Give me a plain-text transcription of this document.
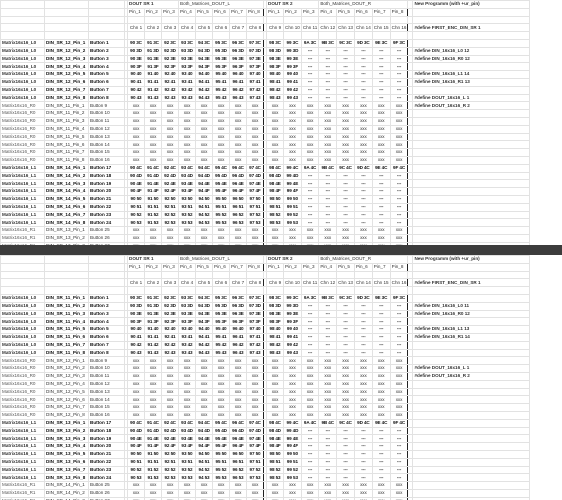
				DOUT SR 1			Both_Matrices_DOUT_L						DOUT SR 2			Both_Matrices_DOUT_R						New Programm (with +ur_pin)
				Pin_1	Pin_2	Pin_3	Pin_4	Pin_5	Pin_6	Pin_7	Pin_8		Pin_1	Pin_2	Pin_3	Pin_4	Pin_5	Pin_6	Pin_7	Pin_8		

				Chn 1	Chn 2	Chn 3	Chn 4	Chn 5	Chn 6	Chn 7	Chn 8		Chn 9	Chn 10	Chn 11	Chn 12	Chn 13	Chn 14	Chn 15	Chn 16		#define FIRST_ENC_DIN_SR 1

Matrix16x16_L0	DIN_SR_12_Pin_1	Button 1		90 3C	91 3C	92 3C	93 3C	94 3C	95 3C	96 3C	97 3C		98 3C	99 3C	9A 3C	9B 3C	9C 3C	9D 3C	9E 3C	9F 3C		
Matrix16x16_L0	DIN_SR_12_Pin_2	Button 2		90 3D	91 3D	92 3D	93 3D	94 3D	95 3D	96 3D	97 3D		98 3D	99 3D	---	---	---	---	---	---		#define DIN_16x16_L0 12
Matrix16x16_L0	DIN_SR_12_Pin_3	Button 3		90 3E	91 3E	92 3E	93 3E	94 3E	95 3E	96 3E	97 3E		98 3E	99 3E	---	---	---	---	---	---		#define DIN_16x16_R0 12
Matrix16x16_L0	DIN_SR_12_Pin_4	Button 4		90 3F	91 3F	92 3F	93 3F	94 3F	95 3F	96 3F	97 3F		98 3F	99 3F	---	---	---	---	---	---		
Matrix16x16_L0	DIN_SR_12_Pin_5	Button 5		90 40	91 40	92 40	93 40	94 40	95 40	96 40	97 40		98 40	99 40	---	---	---	---	---	---		#define DIN_16x16_L1 14
Matrix16x16_L0	DIN_SR_12_Pin_6	Button 6		90 41	91 41	92 41	93 41	94 41	95 41	96 41	97 41		98 41	99 41	---	---	---	---	---	---		#define DIN_16x16_R1 13
Matrix16x16_L0	DIN_SR_12_Pin_7	Button 7		90 42	91 42	92 42	93 42	94 42	95 42	96 42	97 42		98 42	99 42	---	---	---	---	---	---		
Matrix16x16_L0	DIN_SR_12_Pin_8	Button 8		90 43	91 43	92 43	93 43	94 43	95 43	96 43	97 43		98 43	99 43	---	---	---	---	---	---		#define DOUT_16x16_L 1
Matrix16x16_R0	DIN_SR_11_Pin_1	Button 9		xxx	xxx	xxx	xxx	xxx	xxx	xxx	xxx		xxx	xxx	xxx	xxx	xxx	xxx	xxx	xxx		#define DOUT_16x16_R 2
Matrix16x16_R0	DIN_SR_11_Pin_2	Button 10		xxx	xxx	xxx	xxx	xxx	xxx	xxx	xxx		xxx	xxx	xxx	xxx	xxx	xxx	xxx	xxx		
Matrix16x16_R0	DIN_SR_11_Pin_3	Button 11		xxx	xxx	xxx	xxx	xxx	xxx	xxx	xxx		xxx	xxx	xxx	xxx	xxx	xxx	xxx	xxx		
Matrix16x16_R0	DIN_SR_11_Pin_4	Button 12		xxx	xxx	xxx	xxx	xxx	xxx	xxx	xxx		xxx	xxx	xxx	xxx	xxx	xxx	xxx	xxx		
Matrix16x16_R0	DIN_SR_11_Pin_5	Button 13		xxx	xxx	xxx	xxx	xxx	xxx	xxx	xxx		xxx	xxx	xxx	xxx	xxx	xxx	xxx	xxx		
Matrix16x16_R0	DIN_SR_11_Pin_6	Button 14		xxx	xxx	xxx	xxx	xxx	xxx	xxx	xxx		xxx	xxx	xxx	xxx	xxx	xxx	xxx	xxx		
Matrix16x16_R0	DIN_SR_11_Pin_7	Button 15		xxx	xxx	xxx	xxx	xxx	xxx	xxx	xxx		xxx	xxx	xxx	xxx	xxx	xxx	xxx	xxx		
Matrix16x16_R0	DIN_SR_11_Pin_8	Button 16		xxx	xxx	xxx	xxx	xxx	xxx	xxx	xxx		xxx	xxx	xxx	xxx	xxx	xxx	xxx	xxx		
Matrix16x16_L1	DIN_SR_14_Pin_1	Button 17		90 4C	91 4C	92 4C	93 4C	94 4C	95 4C	96 4C	97 4C		98 4C	99 4C	9A 4C	9B 4C	9C 4C	9D 4C	9E 4C	9F 4C		
Matrix16x16_L1	DIN_SR_14_Pin_2	Button 18		90 4D	91 4D	92 4D	93 4D	94 4D	95 4D	96 4D	97 4D		98 4D	99 4D	---	---	---	---	---	---		
Matrix16x16_L1	DIN_SR_14_Pin_3	Button 19		90 4E	91 4E	92 4E	93 4E	94 4E	95 4E	96 4E	97 4E		98 4E	99 4E	---	---	---	---	---	---		
Matrix16x16_L1	DIN_SR_14_Pin_4	Button 20		90 4F	91 4F	92 4F	93 4F	94 4F	95 4F	96 4F	97 4F		98 4F	99 4F	---	---	---	---	---	---		
Matrix16x16_L1	DIN_SR_14_Pin_5	Button 21		90 50	91 50	92 50	93 50	94 50	95 50	96 50	97 50		98 50	99 50	---	---	---	---	---	---		
Matrix16x16_L1	DIN_SR_14_Pin_6	Button 22		90 51	91 51	92 51	93 51	94 51	95 51	96 51	97 51		98 51	99 51	---	---	---	---	---	---		
Matrix16x16_L1	DIN_SR_14_Pin_7	Button 23		90 52	91 52	92 52	93 52	94 52	95 52	96 52	97 52		98 52	99 52	---	---	---	---	---	---		
Matrix16x16_L1	DIN_SR_14_Pin_8	Button 24		90 53	91 53	92 53	93 53	94 53	95 53	96 53	97 53		98 53	99 53	---	---	---	---	---	---		
Matrix16x16_R1	DIN_SR_13_Pin_1	Button 25		xxx	xxx	xxx	xxx	xxx	xxx	xxx	xxx		xxx	xxx	xxx	xxx	xxx	xxx	xxx	xxx		
Matrix16x16_R1	DIN_SR_13_Pin_2	Button 26		xxx	xxx	xxx	xxx	xxx	xxx	xxx	xxx		xxx	xxx	xxx	xxx	xxx	xxx	xxx	xxx		

				DOUT SR 1			Both_Matrices_DOUT_L						DOUT SR 2			Both_Matrices_DOUT_R						New Programm (with +ur_pin)
				Pin_1	Pin_2	Pin_3	Pin_4	Pin_5	Pin_6	Pin_7	Pin_8		Pin_1	Pin_2	Pin_3	Pin_4	Pin_5	Pin_6	Pin_7	Pin_8		

				Chn 1	Chn 2	Chn 3	Chn 4	Chn 5	Chn 6	Chn 7	Chn 8		Chn 9	Chn 10	Chn 11	Chn 12	Chn 13	Chn 14	Chn 15	Chn 16		#define FIRST_ENC_DIN_SR 1

Matrix16x16_L0	DIN_SR_11_Pin_1	Button 1		90 3C	91 3C	92 3C	93 3C	94 3C	95 3C	96 3C	97 3C		98 3C	99 3C	9A 3C	9B 3C	9C 3C	9D 3C	9E 3C	9F 3C		
Matrix16x16_L0	DIN_SR_11_Pin_2	Button 2		90 3D	91 3D	92 3D	93 3D	94 3D	95 3D	96 3D	97 3D		98 3D	99 3D	---	---	---	---	---	---		#define DIN_16x16_L0 11
Matrix16x16_L0	DIN_SR_11_Pin_3	Button 3		90 3E	91 3E	92 3E	93 3E	94 3E	95 3E	96 3E	97 3E		98 3E	99 3E	---	---	---	---	---	---		#define DIN_16x16_R0 12
Matrix16x16_L0	DIN_SR_11_Pin_4	Button 4		90 3F	91 3F	92 3F	93 3F	94 3F	95 3F	96 3F	97 3F		98 3F	99 3F	---	---	---	---	---	---		
Matrix16x16_L0	DIN_SR_11_Pin_5	Button 5		90 40	91 40	92 40	93 40	94 40	95 40	96 40	97 40		98 40	99 40	---	---	---	---	---	---		#define DIN_16x16_L1 13
Matrix16x16_L0	DIN_SR_11_Pin_6	Button 6		90 41	91 41	92 41	93 41	94 41	95 41	96 41	97 41		98 41	99 41	---	---	---	---	---	---		#define DIN_16x16_R1 14
Matrix16x16_L0	DIN_SR_11_Pin_7	Button 7		90 42	91 42	92 42	93 42	94 42	95 42	96 42	97 42		98 42	99 42	---	---	---	---	---	---		
Matrix16x16_L0	DIN_SR_11_Pin_8	Button 8		90 43	91 43	92 43	93 43	94 43	95 43	96 43	97 43		98 43	99 43	---	---	---	---	---	---		
Matrix16x16_R0	DIN_SR_12_Pin_1	Button 9		xxx	xxx	xxx	xxx	xxx	xxx	xxx	xxx		xxx	xxx	xxx	xxx	xxx	xxx	xxx	xxx		
Matrix16x16_R0	DIN_SR_12_Pin_2	Button 10		xxx	xxx	xxx	xxx	xxx	xxx	xxx	xxx		xxx	xxx	xxx	xxx	xxx	xxx	xxx	xxx		#define DOUT_16x16_L 1
Matrix16x16_R0	DIN_SR_12_Pin_3	Button 11		xxx	xxx	xxx	xxx	xxx	xxx	xxx	xxx		xxx	xxx	xxx	xxx	xxx	xxx	xxx	xxx		#define DOUT_16x16_R 2
Matrix16x16_R0	DIN_SR_12_Pin_4	Button 12		xxx	xxx	xxx	xxx	xxx	xxx	xxx	xxx		xxx	xxx	xxx	xxx	xxx	xxx	xxx	xxx		
Matrix16x16_R0	DIN_SR_12_Pin_5	Button 13		xxx	xxx	xxx	xxx	xxx	xxx	xxx	xxx		xxx	xxx	xxx	xxx	xxx	xxx	xxx	xxx		
Matrix16x16_R0	DIN_SR_12_Pin_6	Button 14		xxx	xxx	xxx	xxx	xxx	xxx	xxx	xxx		xxx	xxx	xxx	xxx	xxx	xxx	xxx	xxx		
Matrix16x16_R0	DIN_SR_12_Pin_7	Button 15		xxx	xxx	xxx	xxx	xxx	xxx	xxx	xxx		xxx	xxx	xxx	xxx	xxx	xxx	xxx	xxx		
Matrix16x16_R0	DIN_SR_12_Pin_8	Button 16		xxx	xxx	xxx	xxx	xxx	xxx	xxx	xxx		xxx	xxx	xxx	xxx	xxx	xxx	xxx	xxx		
Matrix16x16_L1	DIN_SR_13_Pin_1	Button 17		90 4C	91 4C	92 4C	93 4C	94 4C	95 4C	96 4C	97 4C		98 4C	99 4C	9A 4C	9B 4C	9C 4C	9D 4C	9E 4C	9F 4C		
Matrix16x16_L1	DIN_SR_13_Pin_2	Button 18		90 4D	91 4D	92 4D	93 4D	94 4D	95 4D	96 4D	97 4D		98 4D	99 4D	---	---	---	---	---	---		
Matrix16x16_L1	DIN_SR_13_Pin_3	Button 19		90 4E	91 4E	92 4E	93 4E	94 4E	95 4E	96 4E	97 4E		98 4E	99 4E	---	---	---	---	---	---		
Matrix16x16_L1	DIN_SR_13_Pin_4	Button 20		90 4F	91 4F	92 4F	93 4F	94 4F	95 4F	96 4F	97 4F		98 4F	99 4F	---	---	---	---	---	---		
Matrix16x16_L1	DIN_SR_13_Pin_5	Button 21		90 50	91 50	92 50	93 50	94 50	95 50	96 50	97 50		98 50	99 50	---	---	---	---	---	---		
Matrix16x16_L1	DIN_SR_13_Pin_6	Button 22		90 51	91 51	92 51	93 51	94 51	95 51	96 51	97 51		98 51	99 51	---	---	---	---	---	---		
Matrix16x16_L1	DIN_SR_13_Pin_7	Button 23		90 52	91 52	92 52	93 52	94 52	95 52	96 52	97 52		98 52	99 52	---	---	---	---	---	---		
Matrix16x16_L1	DIN_SR_13_Pin_8	Button 24		90 53	91 53	92 53	93 53	94 53	95 53	96 53	97 53		98 53	99 53	---	---	---	---	---	---		
Matrix16x16_R1	DIN_SR_14_Pin_1	Button 25		xxx	xxx	xxx	xxx	xxx	xxx	xxx	xxx		xxx	xxx	xxx	xxx	xxx	xxx	xxx	xxx		
Matrix16x16_R1	DIN_SR_14_Pin_2	Button 26		xxx	xxx	xxx	xxx	xxx	xxx	xxx	xxx		xxx	xxx	xxx	xxx	xxx	xxx	xxx	xxx		
